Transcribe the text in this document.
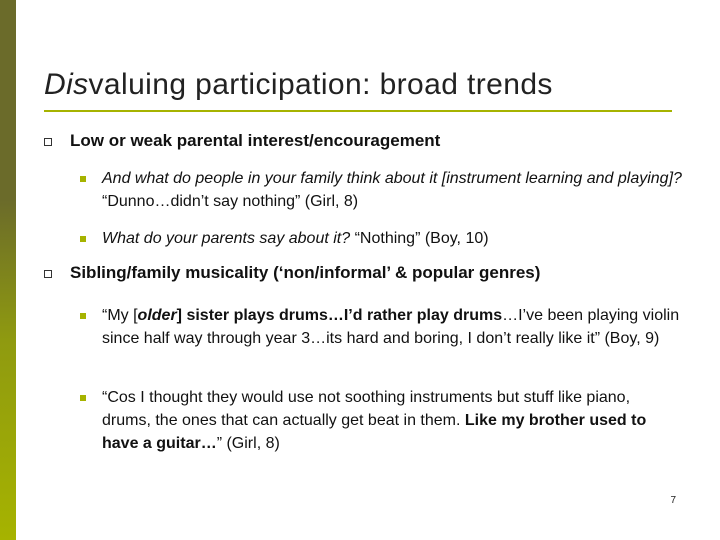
Disvaluing participation: broad trends
Low or weak parental interest/encouragement
And what do people in your family think about it [instrument learning and playing]? “Dunno…didn’t say nothing” (Girl, 8)
What do your parents say about it? “Nothing” (Boy, 10)
Sibling/family musicality (‘non/informal’ & popular genres)
“My [older] sister plays drums…I’d rather play drums…I’ve been playing violin since half way through year 3…its hard and boring, I don’t really like it” (Boy, 9)
“Cos I thought they would use not soothing instruments but stuff like piano, drums, the ones that can actually get beat in them. Like my brother used to have a guitar…” (Girl, 8)
7
